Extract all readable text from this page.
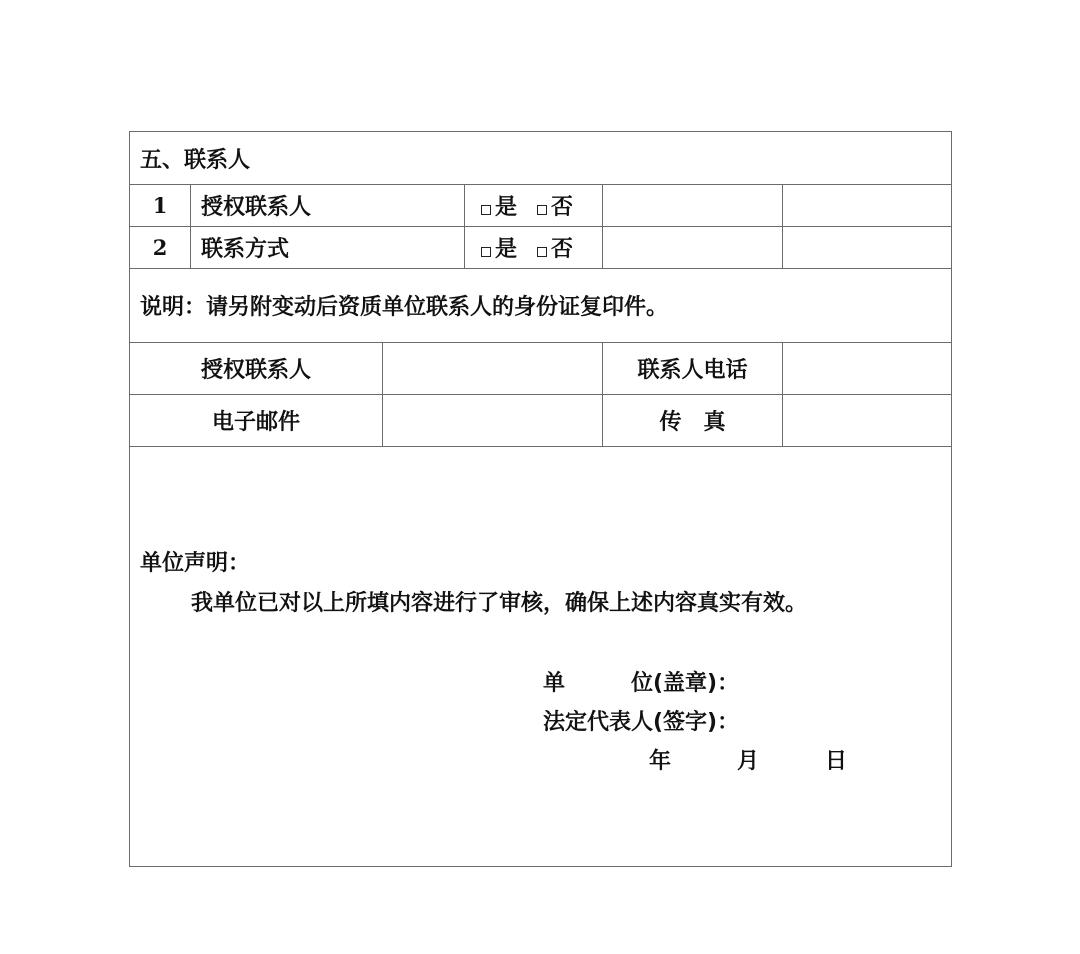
五、联系人					
1	授权联系人		是 否		
2	联系方式		是 否		
说明：请另附变动后资质单位联系人的身份证复印件。					
授权联系人				联系人电话	
电子邮件				传　真	

单位声明：
我单位已对以上所填内容进行了审核，确保上述内容真实有效。
单　　　位(盖章)：
法定代表人(签字)：
年　　　月　　　日					
